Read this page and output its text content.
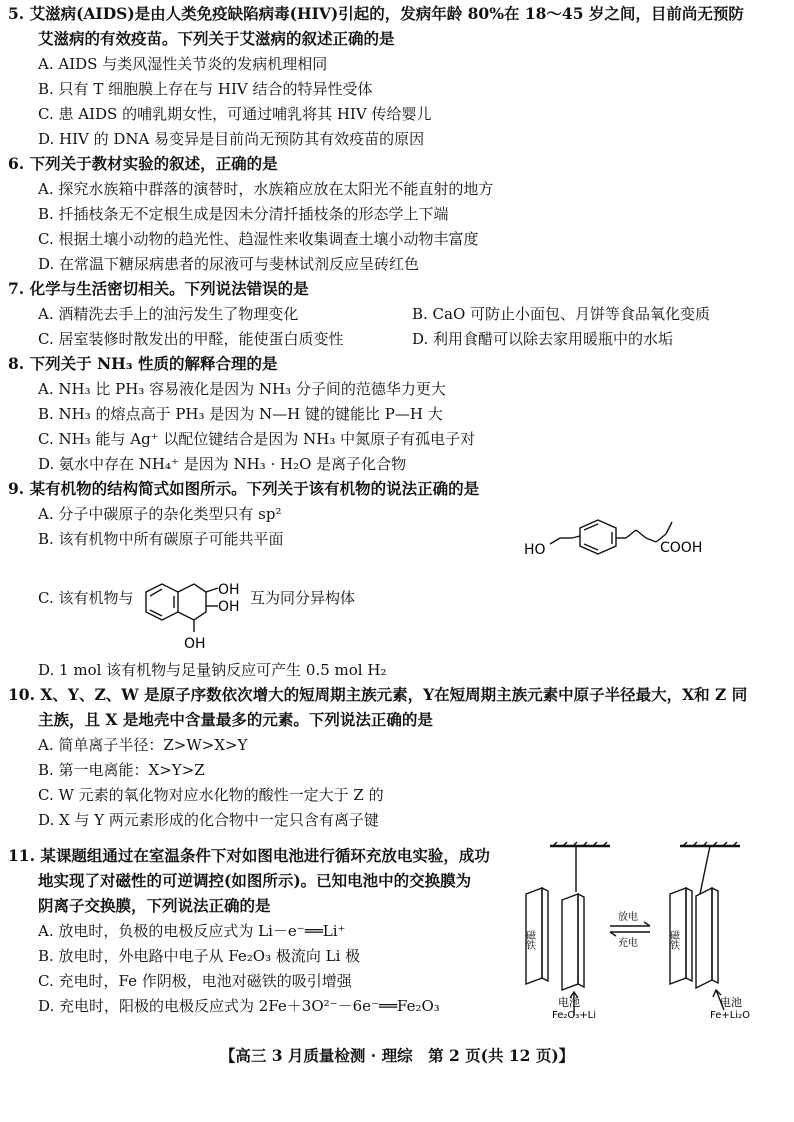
5. 艾滋病(AIDS)是由人类免疫缺陷病毒(HIV)引起的，发病年龄 80%在 18～45 岁之间，目前尚无预防
艾滋病的有效疫苗。下列关于艾滋病的叙述正确的是
A. AIDS 与类风湿性关节炎的发病机理相同
B. 只有 T 细胞膜上存在与 HIV 结合的特异性受体
C. 患 AIDS 的哺乳期女性，可通过哺乳将其 HIV 传给婴儿
D. HIV 的 DNA 易变异是目前尚无预防其有效疫苗的原因
6. 下列关于教材实验的叙述，正确的是
A. 探究水族箱中群落的演替时，水族箱应放在太阳光不能直射的地方
B. 扦插枝条无不定根生成是因未分清扦插枝条的形态学上下端
C. 根据土壤小动物的趋光性、趋湿性来收集调查土壤小动物丰富度
D. 在常温下糖尿病患者的尿液可与斐林试剂反应呈砖红色
7. 化学与生活密切相关。下列说法错误的是
A. 酒精洗去手上的油污发生了物理变化	B. CaO 可防止小面包、月饼等食品氧化变质
C. 居室装修时散发出的甲醛，能使蛋白质变性	D. 利用食醋可以除去家用暖瓶中的水垢
8. 下列关于 NH₃ 性质的解释合理的是
A. NH₃ 比 PH₃ 容易液化是因为 NH₃ 分子间的范德华力更大
B. NH₃ 的熔点高于 PH₃ 是因为 N—H 键的键能比 P—H 大
C. NH₃ 能与 Ag⁺ 以配位键结合是因为 NH₃ 中氮原子有孤电子对
D. 氨水中存在 NH₄⁺ 是因为 NH₃ · H₂O 是离子化合物
9. 某有机物的结构简式如图所示。下列关于该有机物的说法正确的是
A. 分子中碳原子的杂化类型只有 sp²
B. 该有机物中所有碳原子可能共平面
HO	COOH
C. 该有机物与	OH
OH
OH
互为同分异构体
D. 1 mol 该有机物与足量钠反应可产生 0.5 mol H₂
10. X、Y、Z、W 是原子序数依次增大的短周期主族元素，Y在短周期主族元素中原子半径最大，X和 Z 同
主族，且 X 是地壳中含量最多的元素。下列说法正确的是
A. 简单离子半径：Z>W>X>Y
B. 第一电离能：X>Y>Z
C. W 元素的氧化物对应水化物的酸性一定大于 Z 的
D. X 与 Y 两元素形成的化合物中一定只含有离子键
11. 某课题组通过在室温条件下对如图电池进行循环充放电实验，成功
地实现了对磁性的可逆调控(如图所示)。已知电池中的交换膜为
阴离子交换膜，下列说法正确的是
A. 放电时，负极的电极反应式为 Li－e⁻══Li⁺
B. 放电时，外电路中电子从 Fe₂O₃ 极流向 Li 极
C. 充电时，Fe 作阴极，电池对磁铁的吸引增强
D. 充电时，阳极的电极反应式为 2Fe＋3O²⁻－6e⁻══Fe₂O₃
磁铁	磁铁
放电
充电
电池
Fe₂O₃+Li
电池
Fe+Li₂O
【高三 3 月质量检测 · 理综　第 2 页(共 12 页)】
